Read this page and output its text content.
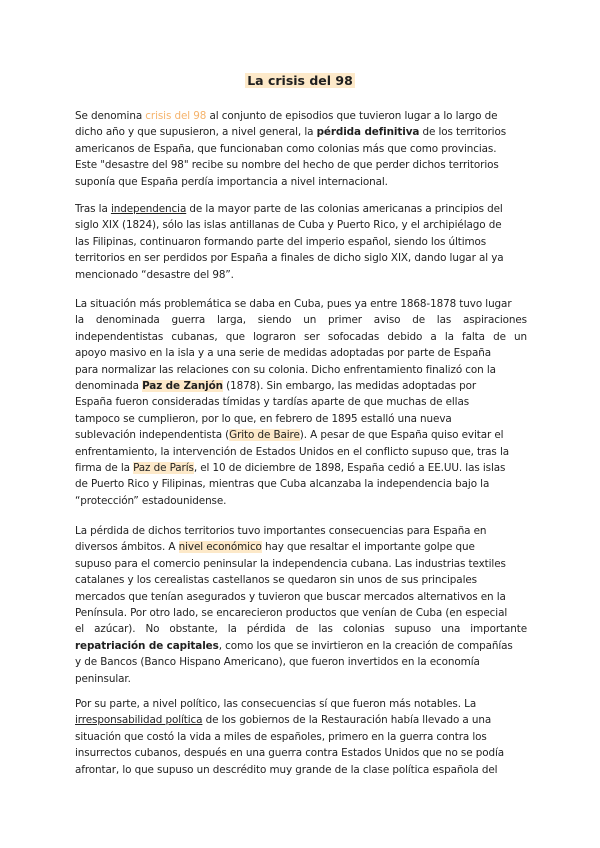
La crisis del 98
Se denomina crisis del 98 al conjunto de episodios que tuvieron lugar a lo largo de
dicho año y que supusieron, a nivel general, la pérdida definitiva de los territorios
americanos de España, que funcionaban como colonias más que como provincias.
Este "desastre del 98" recibe su nombre del hecho de que perder dichos territorios
suponía que España perdía importancia a nivel internacional.
Tras la independencia de la mayor parte de las colonias americanas a principios del
siglo XIX (1824), sólo las islas antillanas de Cuba y Puerto Rico, y el archipiélago de
las Filipinas, continuaron formando parte del imperio español, siendo los últimos
territorios en ser perdidos por España a finales de dicho siglo XIX, dando lugar al ya
mencionado “desastre del 98”.
La situación más problemática se daba en Cuba, pues ya entre 1868-1878 tuvo lugar
la denominada guerra larga, siendo un primer aviso de las aspiraciones
independentistas cubanas, que lograron ser sofocadas debido a la falta de un
apoyo masivo en la isla y a una serie de medidas adoptadas por parte de España
para normalizar las relaciones con su colonia. Dicho enfrentamiento finalizó con la
denominada Paz de Zanjón (1878). Sin embargo, las medidas adoptadas por
España fueron consideradas tímidas y tardías aparte de que muchas de ellas
tampoco se cumplieron, por lo que, en febrero de 1895 estalló una nueva
sublevación independentista (Grito de Baire). A pesar de que España quiso evitar el
enfrentamiento, la intervención de Estados Unidos en el conflicto supuso que, tras la
firma de la Paz de París, el 10 de diciembre de 1898, España cedió a EE.UU. las islas
de Puerto Rico y Filipinas, mientras que Cuba alcanzaba la independencia bajo la
“protección” estadounidense.
La pérdida de dichos territorios tuvo importantes consecuencias para España en
diversos ámbitos. A nivel económico hay que resaltar el importante golpe que
supuso para el comercio peninsular la independencia cubana. Las industrias textiles
catalanes y los cerealistas castellanos se quedaron sin unos de sus principales
mercados que tenían asegurados y tuvieron que buscar mercados alternativos en la
Península. Por otro lado, se encarecieron productos que venían de Cuba (en especial
el azúcar). No obstante, la pérdida de las colonias supuso una importante
repatriación de capitales, como los que se invirtieron en la creación de compañías
y de Bancos (Banco Hispano Americano), que fueron invertidos en la economía
peninsular.
Por su parte, a nivel político, las consecuencias sí que fueron más notables. La
irresponsabilidad política de los gobiernos de la Restauración había llevado a una
situación que costó la vida a miles de españoles, primero en la guerra contra los
insurrectos cubanos, después en una guerra contra Estados Unidos que no se podía
afrontar, lo que supuso un descrédito muy grande de la clase política española del
